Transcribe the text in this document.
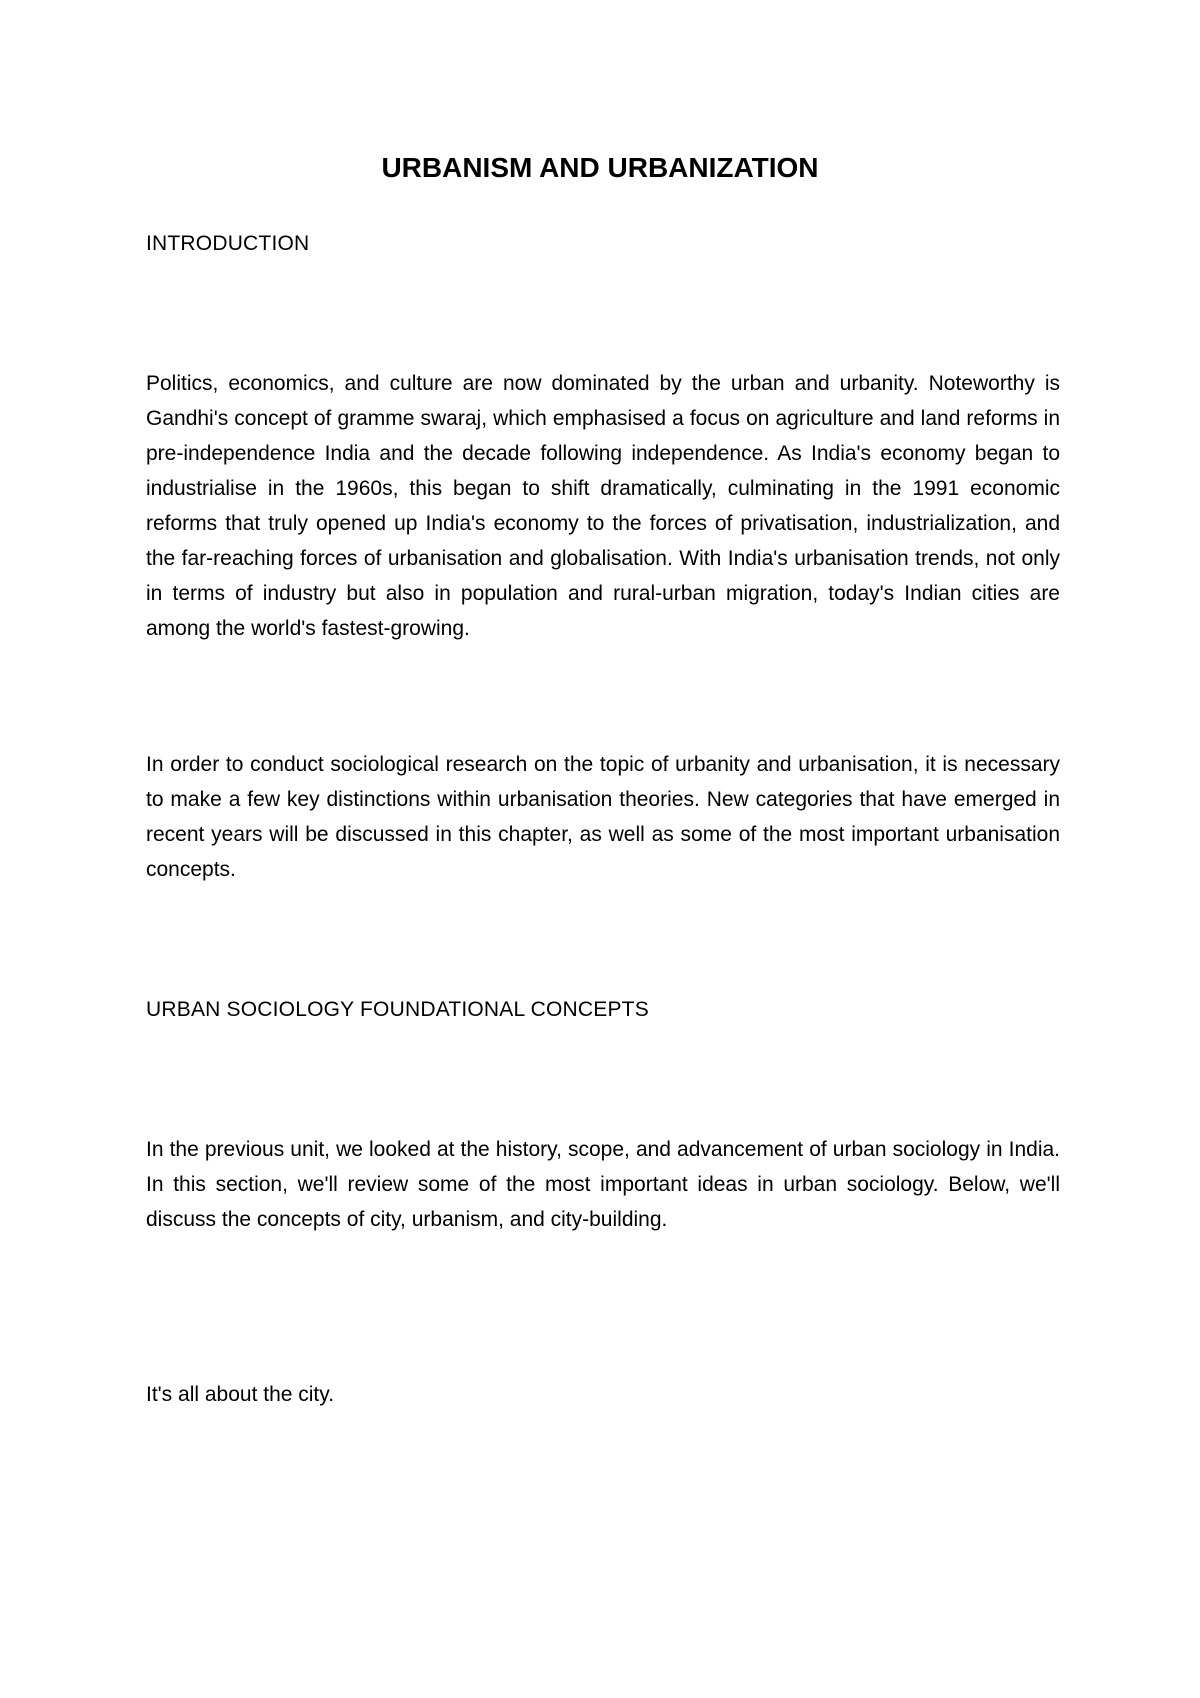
URBANISM AND URBANIZATION
INTRODUCTION

Politics, economics, and culture are now dominated by the urban and urbanity. Noteworthy is Gandhi's concept of gramme swaraj, which emphasised a focus on agriculture and land reforms in pre-independence India and the decade following independence. As India's economy began to industrialise in the 1960s, this began to shift dramatically, culminating in the 1991 economic reforms that truly opened up India's economy to the forces of privatisation, industrialization, and the far-reaching forces of urbanisation and globalisation. With India's urbanisation trends, not only in terms of industry but also in population and rural-urban migration, today's Indian cities are among the world's fastest-growing.

In order to conduct sociological research on the topic of urbanity and urbanisation, it is necessary to make a few key distinctions within urbanisation theories. New categories that have emerged in recent years will be discussed in this chapter, as well as some of the most important urbanisation concepts.

URBAN SOCIOLOGY FOUNDATIONAL CONCEPTS

In the previous unit, we looked at the history, scope, and advancement of urban sociology in India. In this section, we'll review some of the most important ideas in urban sociology. Below, we'll discuss the concepts of city, urbanism, and city-building.

It's all about the city.
